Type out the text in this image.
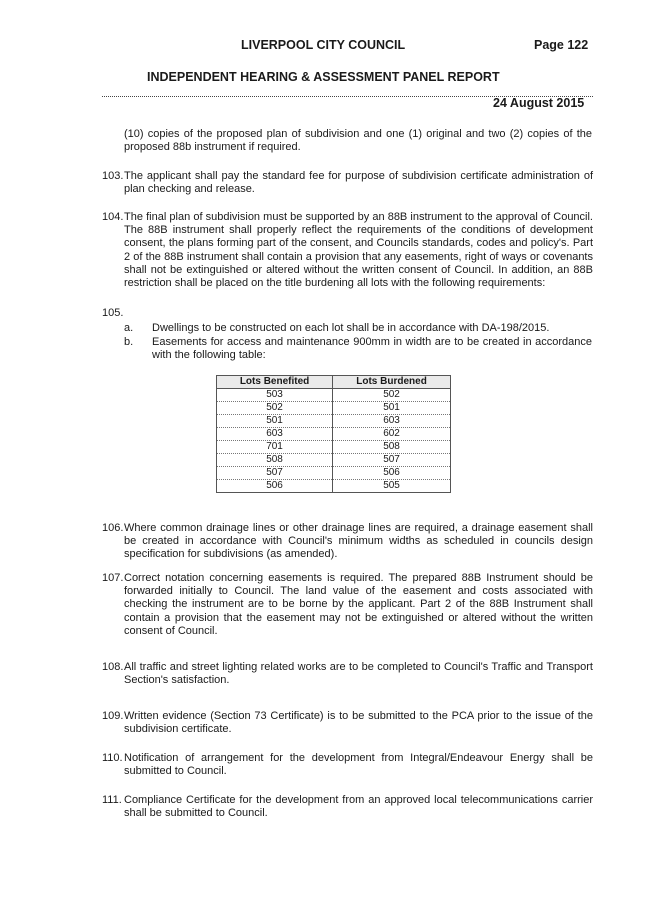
LIVERPOOL CITY COUNCIL	Page 122
INDEPENDENT HEARING & ASSESSMENT PANEL REPORT
24 August 2015
(10) copies of the proposed plan of subdivision and one (1) original and two (2) copies of the proposed 88b instrument if required.
103. The applicant shall pay the standard fee for purpose of subdivision certificate administration of plan checking and release.
104. The final plan of subdivision must be supported by an 88B instrument to the approval of Council. The 88B instrument shall properly reflect the requirements of the conditions of development consent, the plans forming part of the consent, and Councils standards, codes and policy's. Part 2 of the 88B instrument shall contain a provision that any easements, right of ways or covenants shall not be extinguished or altered without the written consent of Council. In addition, an 88B restriction shall be placed on the title burdening all lots with the following requirements:
105.
a. Dwellings to be constructed on each lot shall be in accordance with DA-198/2015.
b. Easements for access and maintenance 900mm in width are to be created in accordance with the following table:
Lots Benefited	Lots Burdened
503	502
502	501
501	603
603	602
701	508
508	507
507	506
506	505
106. Where common drainage lines or other drainage lines are required, a drainage easement shall be created in accordance with Council's minimum widths as scheduled in councils design specification for subdivisions (as amended).
107. Correct notation concerning easements is required. The prepared 88B Instrument should be forwarded initially to Council. The land value of the easement and costs associated with checking the instrument are to be borne by the applicant. Part 2 of the 88B Instrument shall contain a provision that the easement may not be extinguished or altered without the written consent of Council.
108. All traffic and street lighting related works are to be completed to Council's Traffic and Transport Section's satisfaction.
109. Written evidence (Section 73 Certificate) is to be submitted to the PCA prior to the issue of the subdivision certificate.
110. Notification of arrangement for the development from Integral/Endeavour Energy shall be submitted to Council.
111. Compliance Certificate for the development from an approved local telecommunications carrier shall be submitted to Council.
